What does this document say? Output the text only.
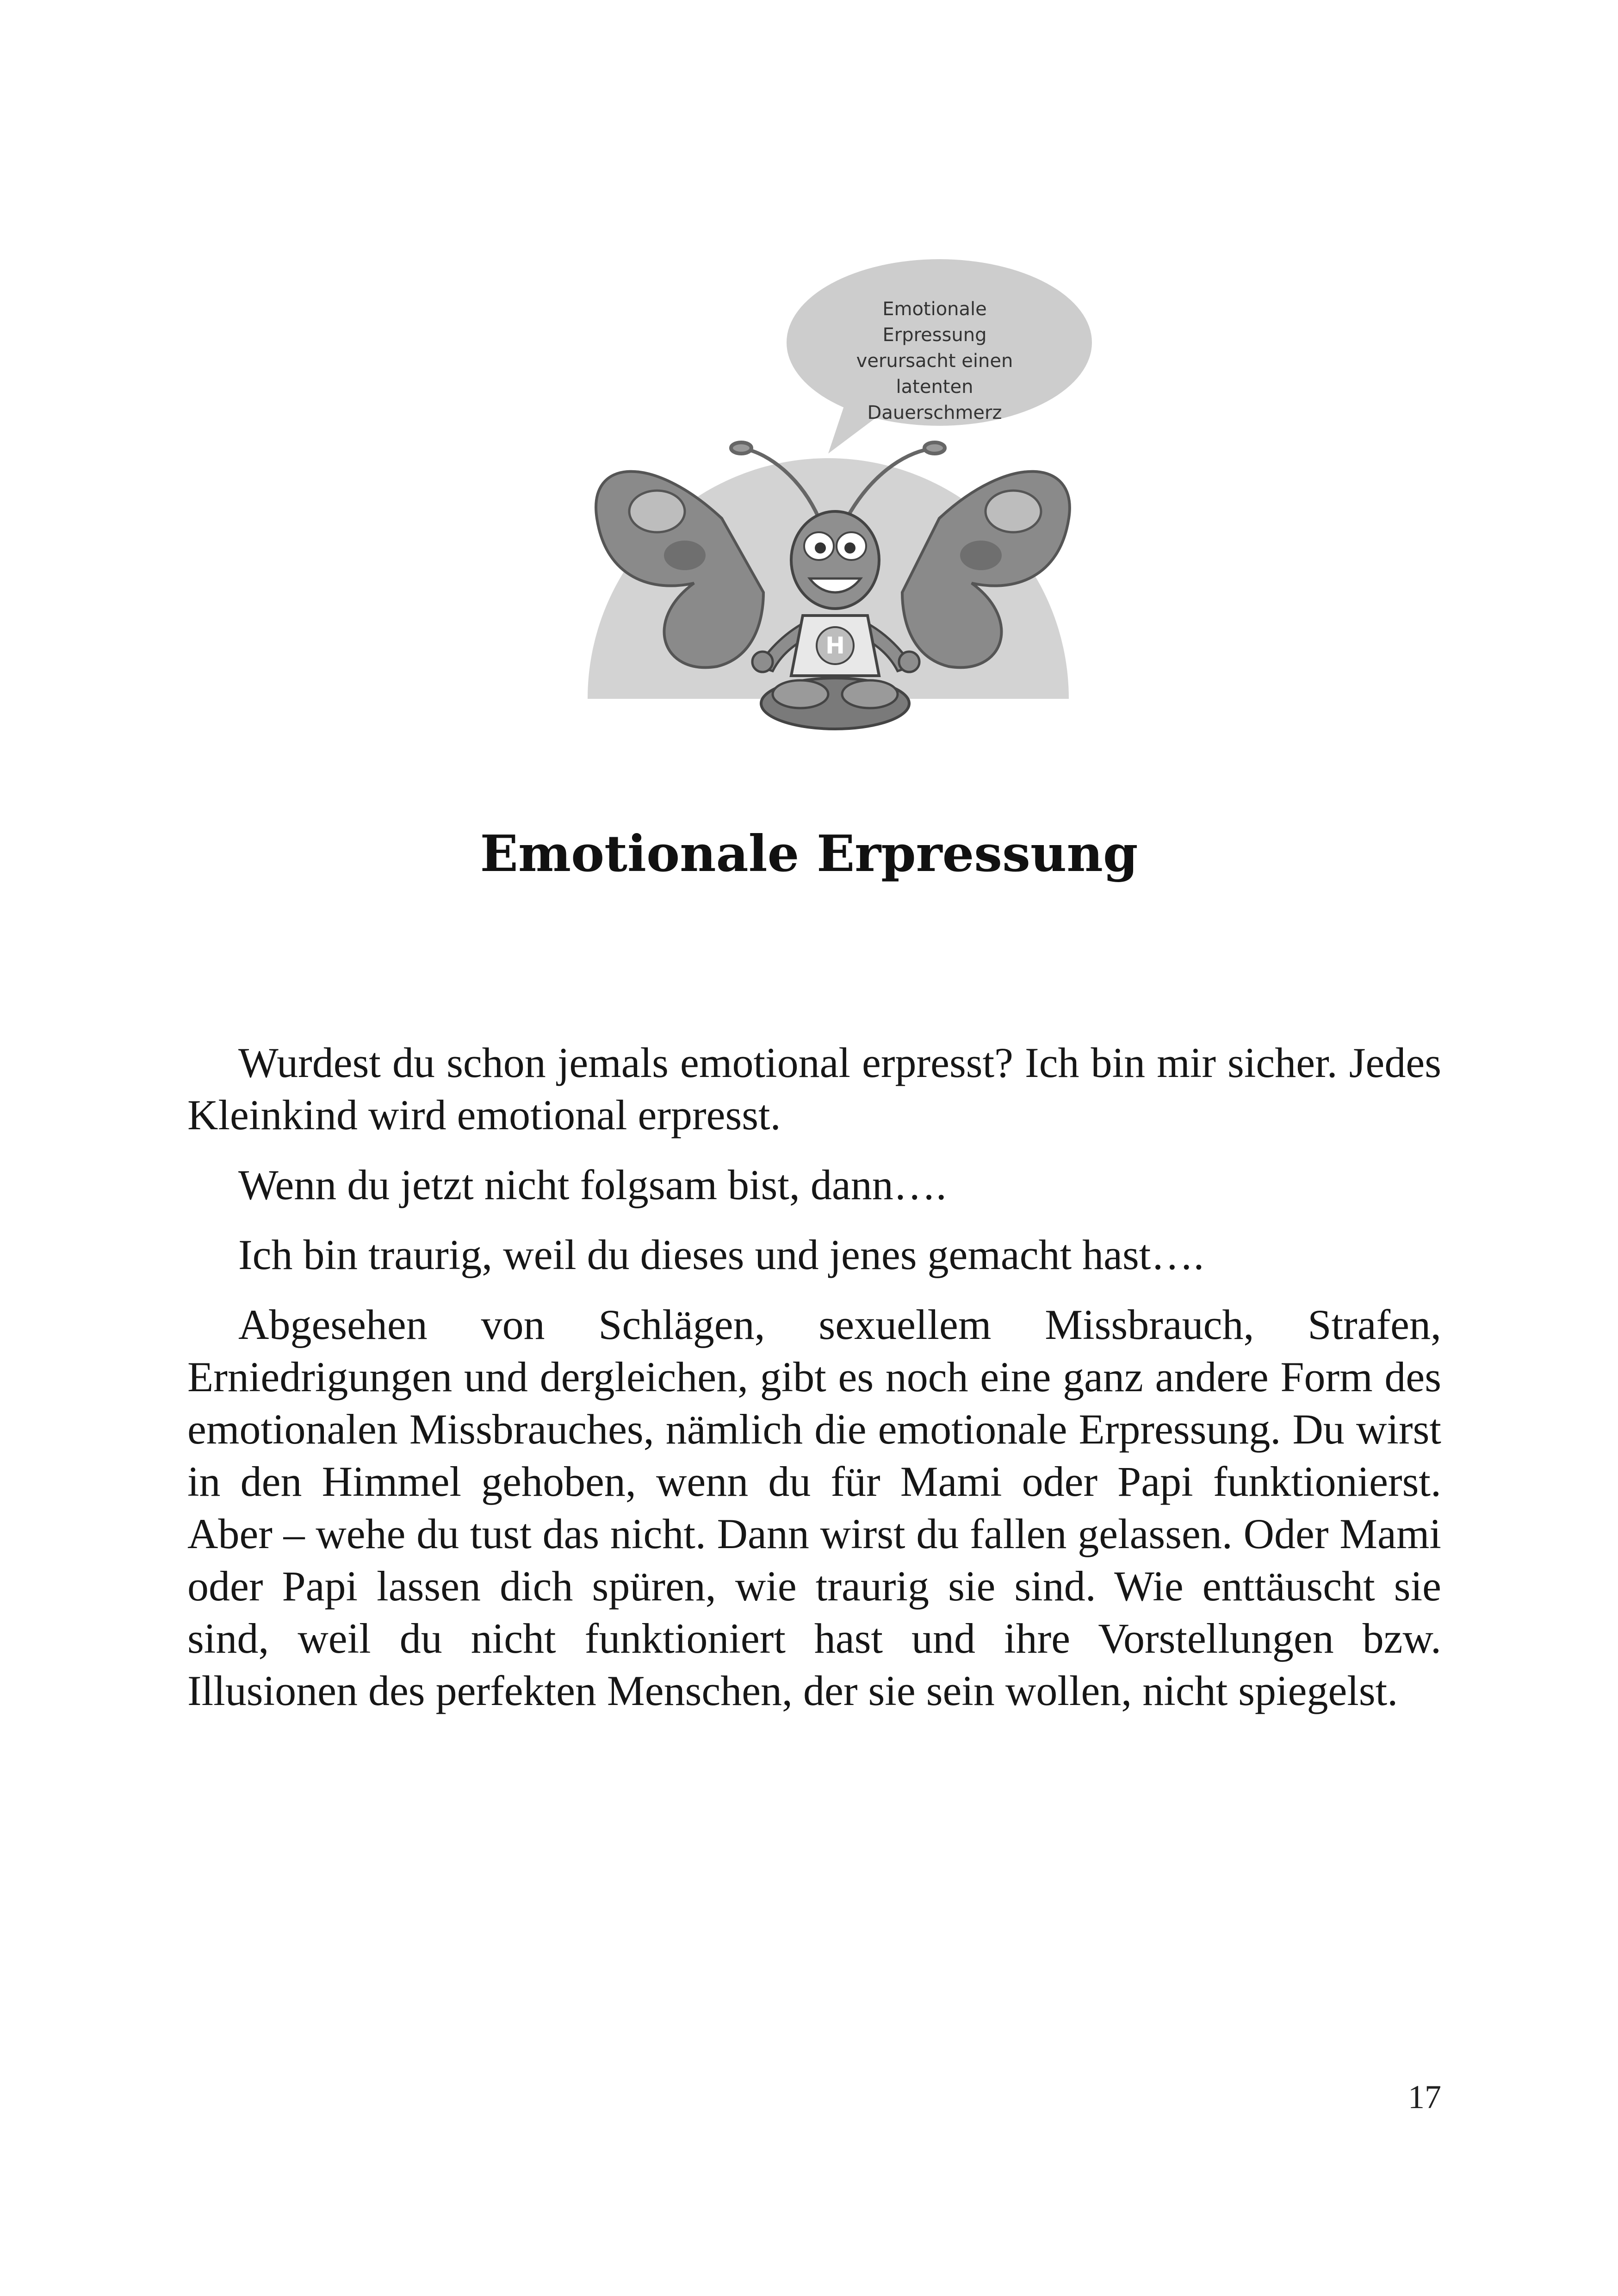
H
Emotionale
Erpressung
verursacht einen
latenten
Dauerschmerz
Emotionale Erpressung

Wurdest du schon jemals emotional erpresst? Ich bin mir sicher. Jedes Kleinkind wird emotional erpresst.

Wenn du jetzt nicht folgsam bist, dann….

Ich bin traurig, weil du dieses und jenes gemacht hast….

Abgesehen von Schlägen, sexuellem Missbrauch, Strafen, Erniedrigungen und dergleichen, gibt es noch eine ganz andere Form des emotionalen Missbrauches, nämlich die emotionale Erpressung. Du wirst in den Himmel gehoben, wenn du für Mami oder Papi funktionierst. Aber – wehe du tust das nicht. Dann wirst du fallen gelassen. Oder Mami oder Papi lassen dich spüren, wie traurig sie sind. Wie enttäuscht sie sind, weil du nicht funktioniert hast und ihre Vorstellungen bzw. Illusionen des perfekten Menschen, der sie sein wollen, nicht spiegelst.

17
